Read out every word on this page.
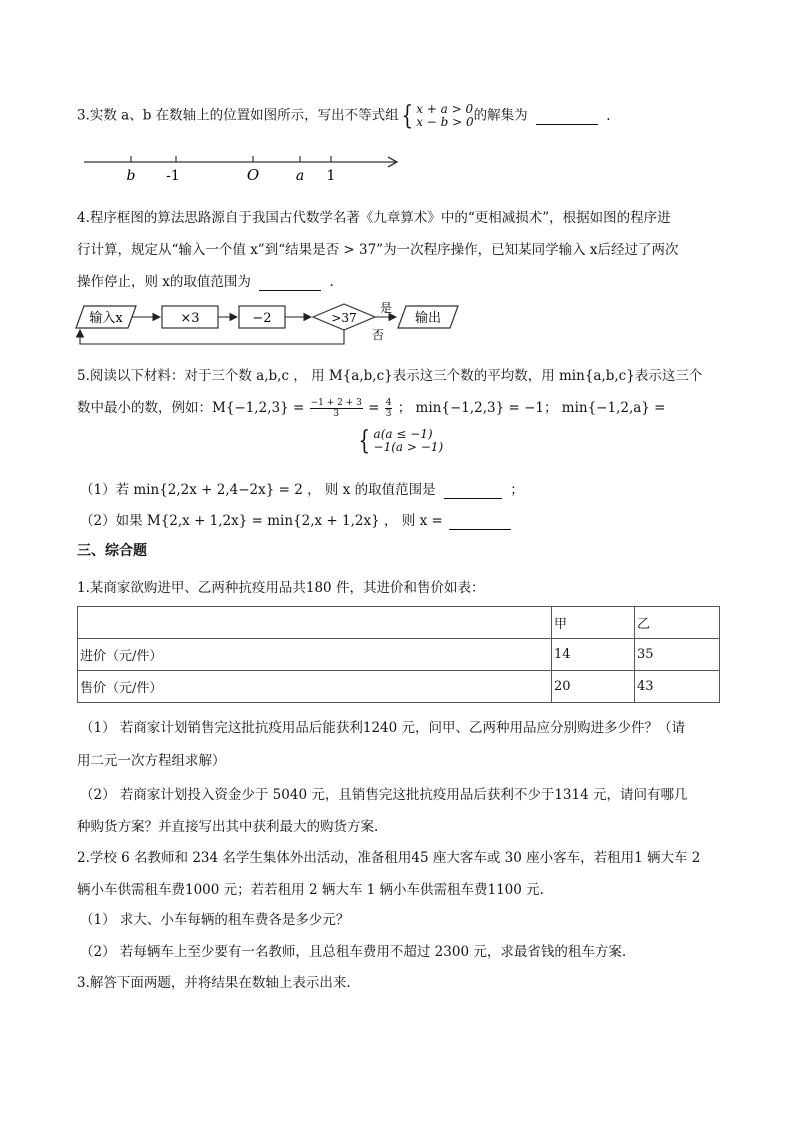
3.实数 a、b 在数轴上的位置如图所示，写出不等式组 { x + a > 0
x − b > 0 的解集为	.
b -1	O	a 1
4.程序框图的算法思路源自于我国古代数学名著《九章算术》中的“更相减损术”，根据如图的程序进
行计算，规定从“输入一个值 x”到“结果是否 > 37”为一次程序操作，已知某同学输入 x后经过了两次
操作停止，则 x的取值范围为	.
输入x	×3	−2	>37
是
输出
否
5.阅读以下材料：对于三个数 a,b,c ， 用 M{a,b,c}表示这三个数的平均数，用 min{a,b,c}表示这三个
数中最小的数，例如：$M\{-1,2,3\} = \frac{-1 + 2 + 3}{3} = \frac{4}{3}$ ； min{−1,2,3} = −1； min{−1,2,a} =
{ a(a ≤ −1)
−1(a > −1)
（1）若 min{2,2x + 2,4−2x} = 2 ， 则 x 的取值范围是	；
（2）如果 M{2,x + 1,2x} = min{2,x + 1,2x} ， 则 x =
三、综合题
1.某商家欲购进甲、乙两种抗疫用品共180 件，其进价和售价如表：
	甲	乙
进价（元/件）	14	35
售价（元/件）	20	43
（1） 若商家计划销售完这批抗疫用品后能获利1240 元，问甲、乙两种用品应分别购进多少件？（请
用二元一次方程组求解）
（2） 若商家计划投入资金少于 5040 元，且销售完这批抗疫用品后获利不少于1314 元，请问有哪几
种购货方案？并直接写出其中获利最大的购货方案.
2.学校 6 名教师和 234 名学生集体外出活动，准备租用45 座大客车或 30 座小客车，若租用1 辆大车 2
辆小车供需租车费1000 元；若若租用 2 辆大车 1 辆小车供需租车费1100 元.
（1） 求大、小车每辆的租车费各是多少元？
（2） 若每辆车上至少要有一名教师，且总租车费用不超过 2300 元，求最省钱的租车方案.
3.解答下面两题，并将结果在数轴上表示出来.
